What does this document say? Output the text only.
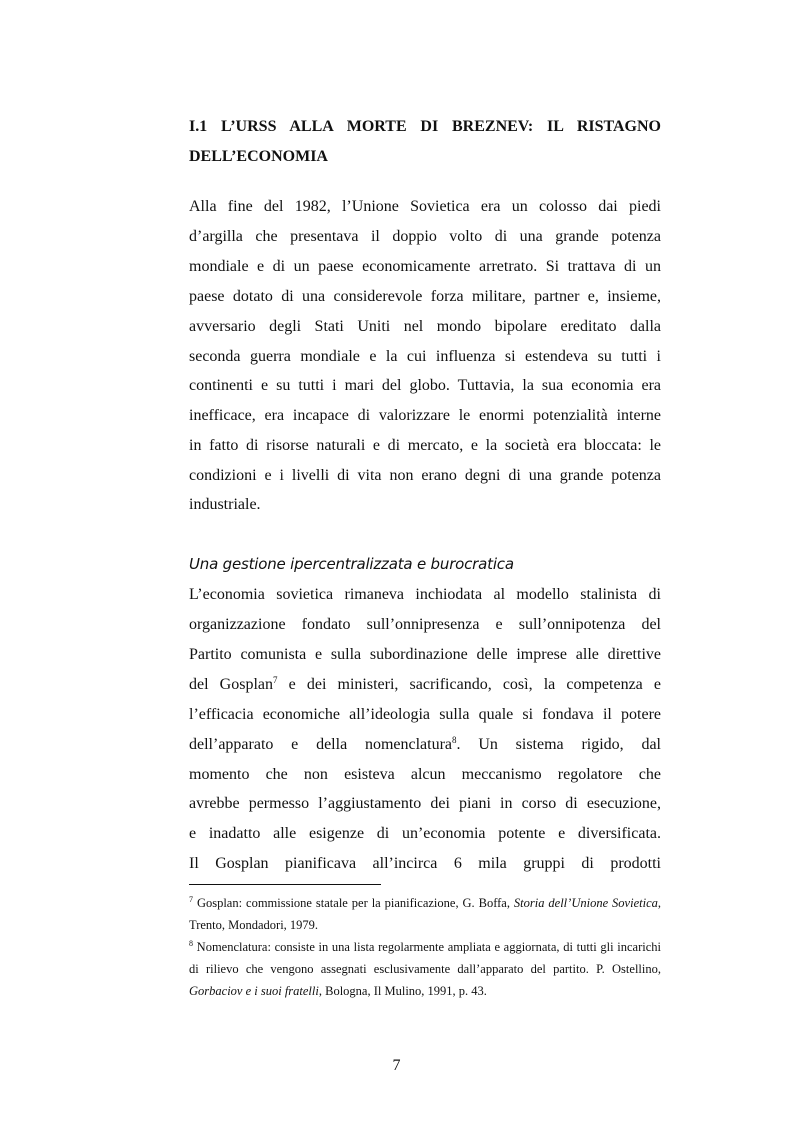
I.1 L’URSS ALLA MORTE DI BREZNEV: IL RISTAGNO
DELL’ECONOMIA
Alla fine del 1982, l’Unione Sovietica era un colosso dai piedi
d’argilla che presentava il doppio volto di una grande potenza
mondiale e di un paese economicamente arretrato. Si trattava di un
paese dotato di una considerevole forza militare, partner e, insieme,
avversario degli Stati Uniti nel mondo bipolare ereditato dalla
seconda guerra mondiale e la cui influenza si estendeva su tutti i
continenti e su tutti i mari del globo. Tuttavia, la sua economia era
inefficace, era incapace di valorizzare le enormi potenzialità interne
in fatto di risorse naturali e di mercato, e la società era bloccata: le
condizioni e i livelli di vita non erano degni di una grande potenza
industriale.
Una gestione ipercentralizzata e burocratica
L’economia sovietica rimaneva inchiodata al modello stalinista di
organizzazione fondato sull’onnipresenza e sull’onnipotenza del
Partito comunista e sulla subordinazione delle imprese alle direttive
del Gosplan$^7$ e dei ministeri, sacrificando, così, la competenza e
l’efficacia economiche all’ideologia sulla quale si fondava il potere
dell’apparato e della nomenclatura$^8$. Un sistema rigido, dal
momento che non esisteva alcun meccanismo regolatore che
avrebbe permesso l’aggiustamento dei piani in corso di esecuzione,
e inadatto alle esigenze di un’economia potente e diversificata.
Il Gosplan pianificava all’incirca 6 mila gruppi di prodotti
$^7$ Gosplan: commissione statale per la pianificazione, G. Boffa, Storia dell’Unione Sovietica, Trento, Mondadori, 1979.
$^8$ Nomenclatura: consiste in una lista regolarmente ampliata e aggiornata, di tutti gli incarichi di rilievo che vengono assegnati esclusivamente dall’apparato del partito. P. Ostellino, Gorbaciov e i suoi fratelli, Bologna, Il Mulino, 1991, p. 43.
7
